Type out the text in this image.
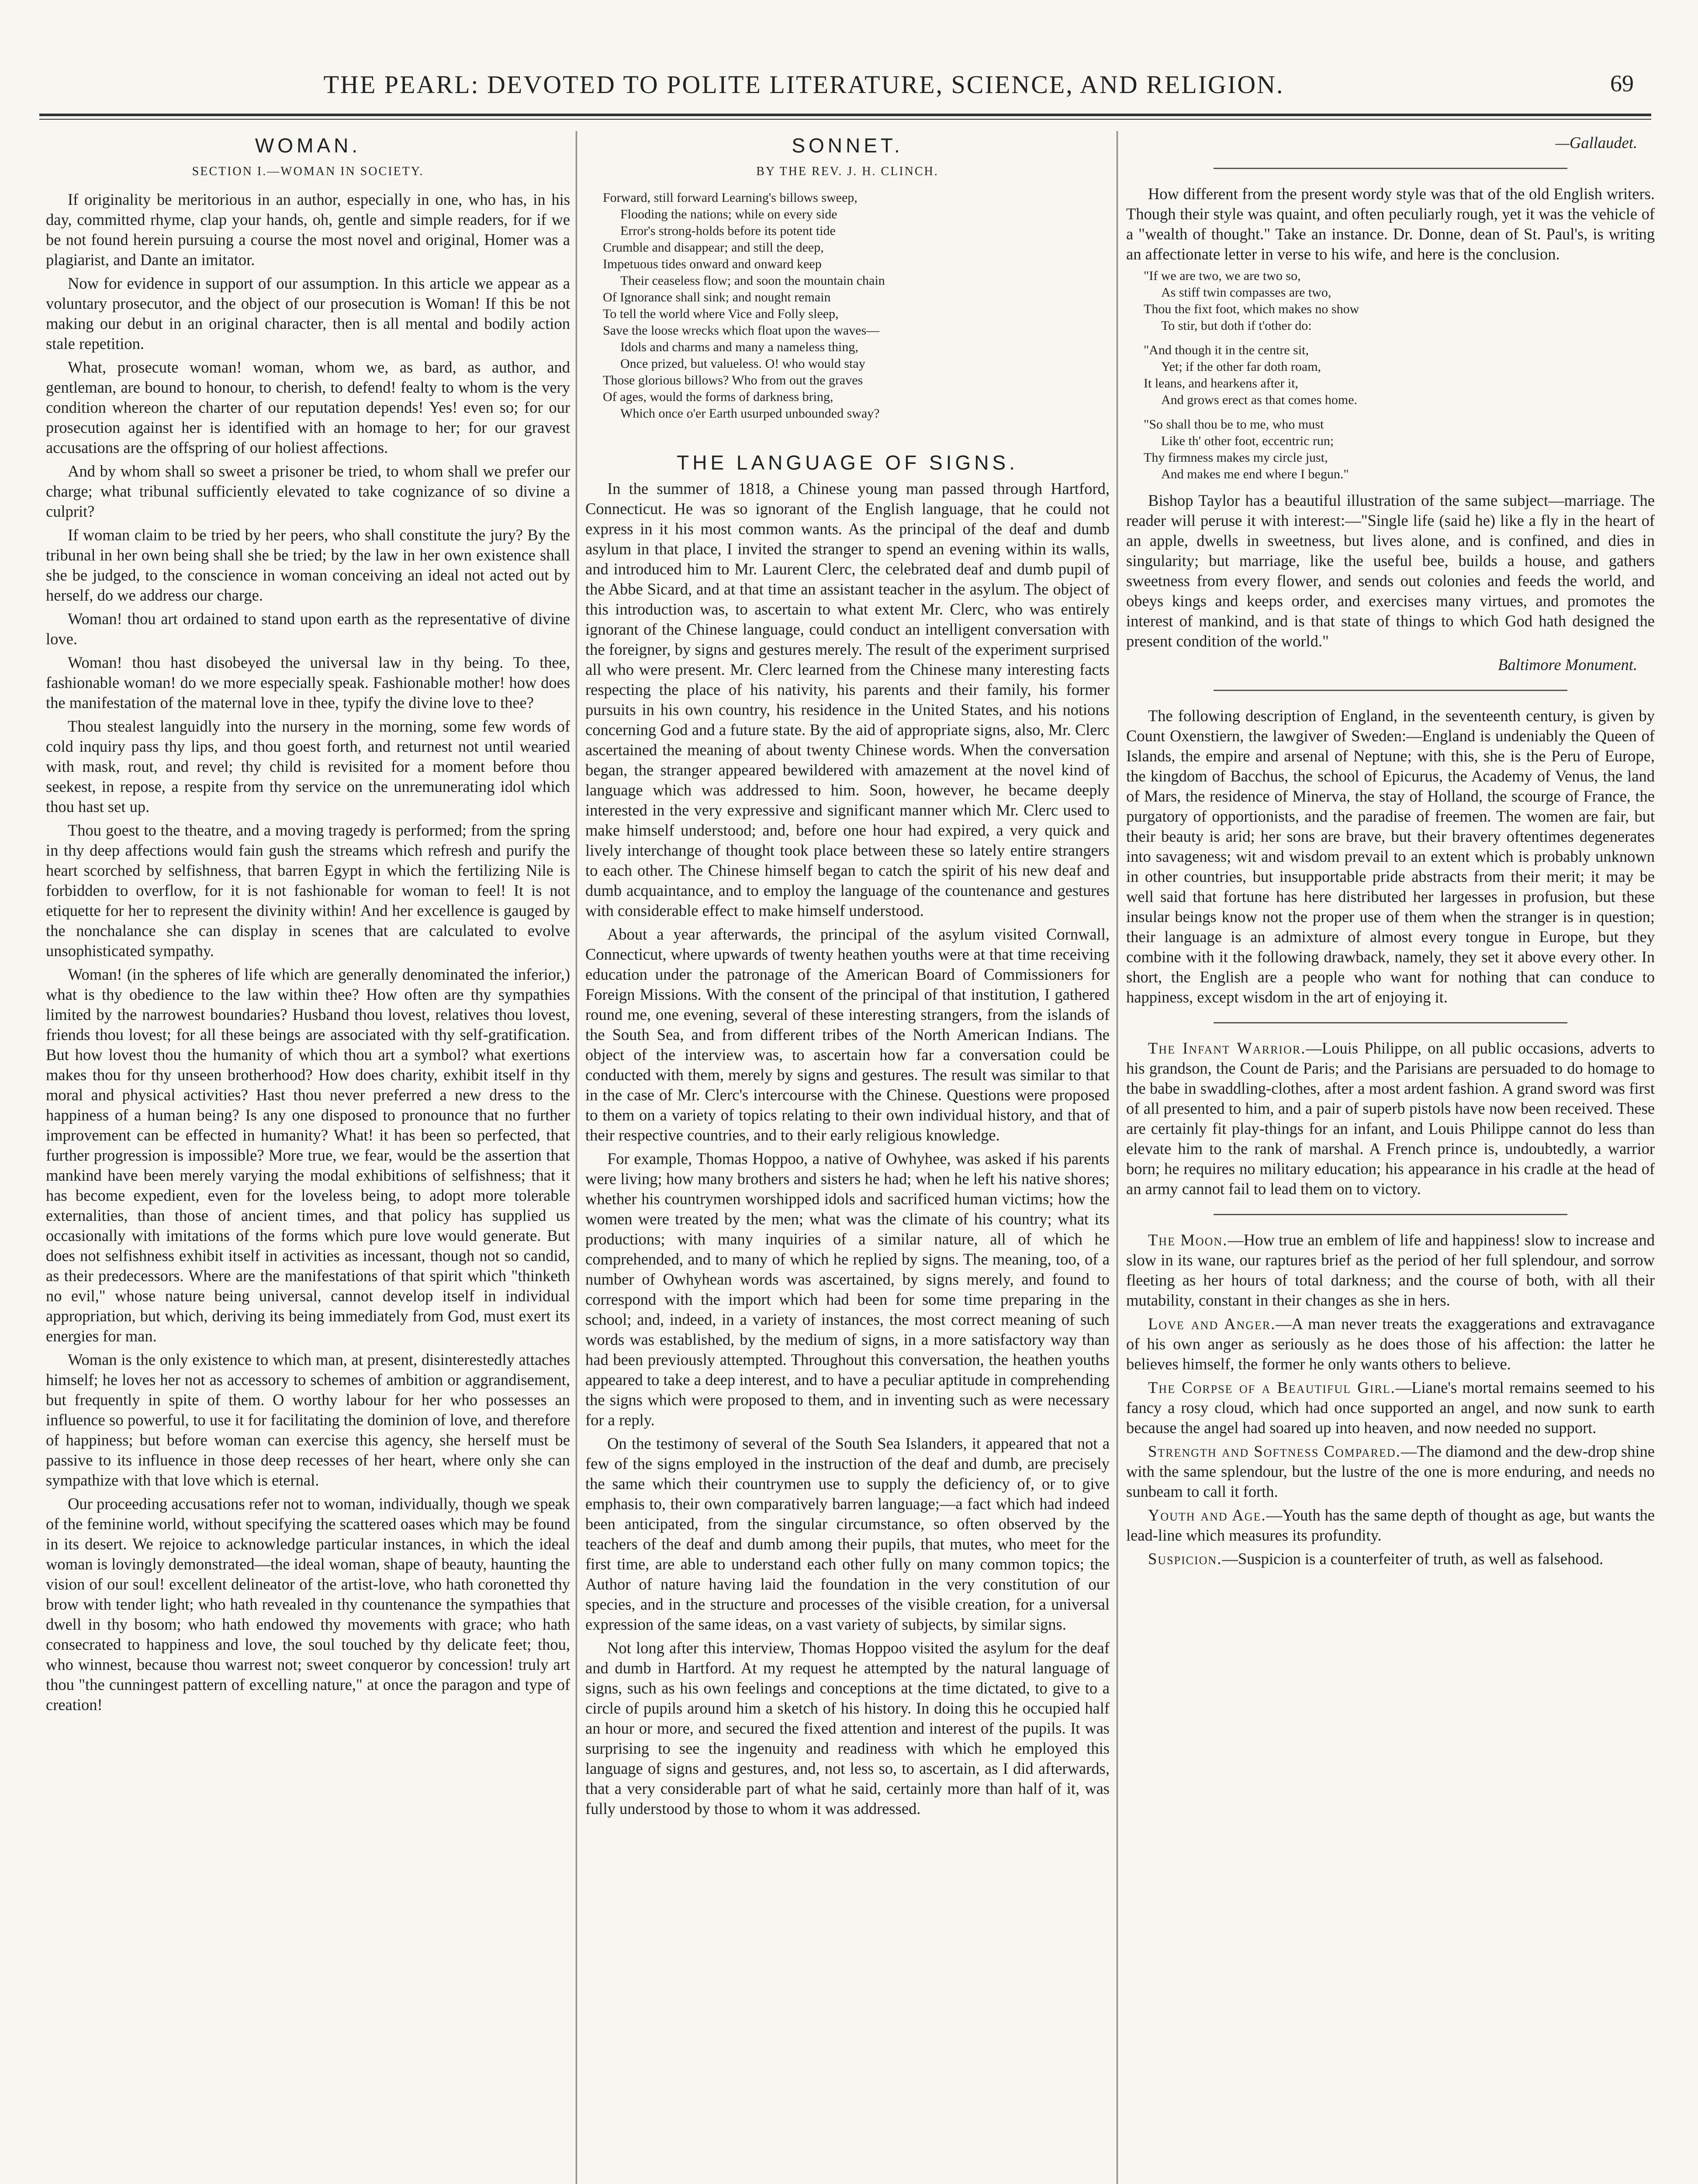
THE PEARL: DEVOTED TO POLITE LITERATURE, SCIENCE, AND RELIGION.	69
WOMAN.
SECTION I.—WOMAN IN SOCIETY.

If originality be meritorious in an author, especially in one, who has, in his day, committed rhyme, clap your hands, oh, gentle and simple readers, for if we be not found herein pursuing a course the most novel and original, Homer was a plagiarist, and Dante an imitator.

Now for evidence in support of our assumption. In this article we appear as a voluntary prosecutor, and the object of our prosecution is Woman! If this be not making our debut in an original character, then is all mental and bodily action stale repetition.

What, prosecute woman! woman, whom we, as bard, as author, and gentleman, are bound to honour, to cherish, to defend! fealty to whom is the very condition whereon the charter of our reputation depends! Yes! even so; for our prosecution against her is identified with an homage to her; for our gravest accusations are the offspring of our holiest affections.

And by whom shall so sweet a prisoner be tried, to whom shall we prefer our charge; what tribunal sufficiently elevated to take cognizance of so divine a culprit?

If woman claim to be tried by her peers, who shall constitute the jury? By the tribunal in her own being shall she be tried; by the law in her own existence shall she be judged, to the conscience in woman conceiving an ideal not acted out by herself, do we address our charge.

Woman! thou art ordained to stand upon earth as the representative of divine love.

Woman! thou hast disobeyed the universal law in thy being. To thee, fashionable woman! do we more especially speak. Fashionable mother! how does the manifestation of the maternal love in thee, typify the divine love to thee?

Thou stealest languidly into the nursery in the morning, some few words of cold inquiry pass thy lips, and thou goest forth, and returnest not until wearied with mask, rout, and revel; thy child is revisited for a moment before thou seekest, in repose, a respite from thy service on the unremunerating idol which thou hast set up.

Thou goest to the theatre, and a moving tragedy is performed; from the spring in thy deep affections would fain gush the streams which refresh and purify the heart scorched by selfishness, that barren Egypt in which the fertilizing Nile is forbidden to overflow, for it is not fashionable for woman to feel! It is not etiquette for her to represent the divinity within! And her excellence is gauged by the nonchalance she can display in scenes that are calculated to evolve unsophisticated sympathy.

Woman! (in the spheres of life which are generally denominated the inferior,) what is thy obedience to the law within thee? How often are thy sympathies limited by the narrowest boundaries? Husband thou lovest, relatives thou lovest, friends thou lovest; for all these beings are associated with thy self-gratification. But how lovest thou the humanity of which thou art a symbol? what exertions makes thou for thy unseen brotherhood? How does charity, exhibit itself in thy moral and physical activities? Hast thou never preferred a new dress to the happiness of a human being? Is any one disposed to pronounce that no further improvement can be effected in humanity? What! it has been so perfected, that further progression is impossible? More true, we fear, would be the assertion that mankind have been merely varying the modal exhibitions of selfishness; that it has become expedient, even for the loveless being, to adopt more tolerable externalities, than those of ancient times, and that policy has supplied us occasionally with imitations of the forms which pure love would generate. But does not selfishness exhibit itself in activities as incessant, though not so candid, as their predecessors. Where are the manifestations of that spirit which "thinketh no evil," whose nature being universal, cannot develop itself in individual appropriation, but which, deriving its being immediately from God, must exert its energies for man.

Woman is the only existence to which man, at present, disinterestedly attaches himself; he loves her not as accessory to schemes of ambition or aggrandisement, but frequently in spite of them. O worthy labour for her who possesses an influence so powerful, to use it for facilitating the dominion of love, and therefore of happiness; but before woman can exercise this agency, she herself must be passive to its influence in those deep recesses of her heart, where only she can sympathize with that love which is eternal.

Our proceeding accusations refer not to woman, individually, though we speak of the feminine world, without specifying the scattered oases which may be found in its desert. We rejoice to acknowledge particular instances, in which the ideal woman is lovingly demonstrated—the ideal woman, shape of beauty, haunting the vision of our soul! excellent delineator of the artist-love, who hath coronetted thy brow with tender light; who hath revealed in thy countenance the sympathies that dwell in thy bosom; who hath endowed thy movements with grace; who hath consecrated to happiness and love, the soul touched by thy delicate feet; thou, who winnest, because thou warrest not; sweet conqueror by concession! truly art thou "the cunningest pattern of excelling nature," at once the paragon and type of creation!

SONNET.
BY THE REV. J. H. CLINCH.
Forward, still forward Learning's billows sweep,
Flooding the nations; while on every side
Error's strong-holds before its potent tide
Crumble and disappear; and still the deep,
Impetuous tides onward and onward keep
Their ceaseless flow; and soon the mountain chain
Of Ignorance shall sink; and nought remain
To tell the world where Vice and Folly sleep,
Save the loose wrecks which float upon the waves—
Idols and charms and many a nameless thing,
Once prized, but valueless. O! who would stay
Those glorious billows? Who from out the graves
Of ages, would the forms of darkness bring,
Which once o'er Earth usurped unbounded sway?
THE LANGUAGE OF SIGNS.

In the summer of 1818, a Chinese young man passed through Hartford, Connecticut. He was so ignorant of the English language, that he could not express in it his most common wants. As the principal of the deaf and dumb asylum in that place, I invited the stranger to spend an evening within its walls, and introduced him to Mr. Laurent Clerc, the celebrated deaf and dumb pupil of the Abbe Sicard, and at that time an assistant teacher in the asylum. The object of this introduction was, to ascertain to what extent Mr. Clerc, who was entirely ignorant of the Chinese language, could conduct an intelligent conversation with the foreigner, by signs and gestures merely. The result of the experiment surprised all who were present. Mr. Clerc learned from the Chinese many interesting facts respecting the place of his nativity, his parents and their family, his former pursuits in his own country, his residence in the United States, and his notions concerning God and a future state. By the aid of appropriate signs, also, Mr. Clerc ascertained the meaning of about twenty Chinese words. When the conversation began, the stranger appeared bewildered with amazement at the novel kind of language which was addressed to him. Soon, however, he became deeply interested in the very expressive and significant manner which Mr. Clerc used to make himself understood; and, before one hour had expired, a very quick and lively interchange of thought took place between these so lately entire strangers to each other. The Chinese himself began to catch the spirit of his new deaf and dumb acquaintance, and to employ the language of the countenance and gestures with considerable effect to make himself understood.

About a year afterwards, the principal of the asylum visited Cornwall, Connecticut, where upwards of twenty heathen youths were at that time receiving education under the patronage of the American Board of Commissioners for Foreign Missions. With the consent of the principal of that institution, I gathered round me, one evening, several of these interesting strangers, from the islands of the South Sea, and from different tribes of the North American Indians. The object of the interview was, to ascertain how far a conversation could be conducted with them, merely by signs and gestures. The result was similar to that in the case of Mr. Clerc's intercourse with the Chinese. Questions were proposed to them on a variety of topics relating to their own individual history, and that of their respective countries, and to their early religious knowledge.

For example, Thomas Hoppoo, a native of Owhyhee, was asked if his parents were living; how many brothers and sisters he had; when he left his native shores; whether his countrymen worshipped idols and sacrificed human victims; how the women were treated by the men; what was the climate of his country; what its productions; with many inquiries of a similar nature, all of which he comprehended, and to many of which he replied by signs. The meaning, too, of a number of Owhyhean words was ascertained, by signs merely, and found to correspond with the import which had been for some time preparing in the school; and, indeed, in a variety of instances, the most correct meaning of such words was established, by the medium of signs, in a more satisfactory way than had been previously attempted. Throughout this conversation, the heathen youths appeared to take a deep interest, and to have a peculiar aptitude in comprehending the signs which were proposed to them, and in inventing such as were necessary for a reply.

On the testimony of several of the South Sea Islanders, it appeared that not a few of the signs employed in the instruction of the deaf and dumb, are precisely the same which their countrymen use to supply the deficiency of, or to give emphasis to, their own comparatively barren language;—a fact which had indeed been anticipated, from the singular circumstance, so often observed by the teachers of the deaf and dumb among their pupils, that mutes, who meet for the first time, are able to understand each other fully on many common topics; the Author of nature having laid the foundation in the very constitution of our species, and in the structure and processes of the visible creation, for a universal expression of the same ideas, on a vast variety of subjects, by similar signs.

Not long after this interview, Thomas Hoppoo visited the asylum for the deaf and dumb in Hartford. At my request he attempted by the natural language of signs, such as his own feelings and conceptions at the time dictated, to give to a circle of pupils around him a sketch of his history. In doing this he occupied half an hour or more, and secured the fixed attention and interest of the pupils. It was surprising to see the ingenuity and readiness with which he employed this language of signs and gestures, and, not less so, to ascertain, as I did afterwards, that a very considerable part of what he said, certainly more than half of it, was fully understood by those to whom it was addressed.

—Gallaudet.

How different from the present wordy style was that of the old English writers. Though their style was quaint, and often peculiarly rough, yet it was the vehicle of a "wealth of thought." Take an instance. Dr. Donne, dean of St. Paul's, is writing an affectionate letter in verse to his wife, and here is the conclusion.

"If we are two, we are two so,
As stiff twin compasses are two,
Thou the fixt foot, which makes no show
To stir, but doth if t'other do:
"And though it in the centre sit,
Yet; if the other far doth roam,
It leans, and hearkens after it,
And grows erect as that comes home.
"So shall thou be to me, who must
Like th' other foot, eccentric run;
Thy firmness makes my circle just,
And makes me end where I begun."

Bishop Taylor has a beautiful illustration of the same subject—marriage. The reader will peruse it with interest:—"Single life (said he) like a fly in the heart of an apple, dwells in sweetness, but lives alone, and is confined, and dies in singularity; but marriage, like the useful bee, builds a house, and gathers sweetness from every flower, and sends out colonies and feeds the world, and obeys kings and keeps order, and exercises many virtues, and promotes the interest of mankind, and is that state of things to which God hath designed the present condition of the world."

Baltimore Monument.

The following description of England, in the seventeenth century, is given by Count Oxenstiern, the lawgiver of Sweden:—England is undeniably the Queen of Islands, the empire and arsenal of Neptune; with this, she is the Peru of Europe, the kingdom of Bacchus, the school of Epicurus, the Academy of Venus, the land of Mars, the residence of Minerva, the stay of Holland, the scourge of France, the purgatory of opportionists, and the paradise of freemen. The women are fair, but their beauty is arid; her sons are brave, but their bravery oftentimes degenerates into savageness; wit and wisdom prevail to an extent which is probably unknown in other countries, but insupportable pride abstracts from their merit; it may be well said that fortune has here distributed her largesses in profusion, but these insular beings know not the proper use of them when the stranger is in question; their language is an admixture of almost every tongue in Europe, but they combine with it the following drawback, namely, they set it above every other. In short, the English are a people who want for nothing that can conduce to happiness, except wisdom in the art of enjoying it.

The Infant Warrior.—Louis Philippe, on all public occasions, adverts to his grandson, the Count de Paris; and the Parisians are persuaded to do homage to the babe in swaddling-clothes, after a most ardent fashion. A grand sword was first of all presented to him, and a pair of superb pistols have now been received. These are certainly fit play-things for an infant, and Louis Philippe cannot do less than elevate him to the rank of marshal. A French prince is, undoubtedly, a warrior born; he requires no military education; his appearance in his cradle at the head of an army cannot fail to lead them on to victory.

The Moon.—How true an emblem of life and happiness! slow to increase and slow in its wane, our raptures brief as the period of her full splendour, and sorrow fleeting as her hours of total darkness; and the course of both, with all their mutability, constant in their changes as she in hers.

Love and Anger.—A man never treats the exaggerations and extravagance of his own anger as seriously as he does those of his affection: the latter he believes himself, the former he only wants others to believe.

The Corpse of a Beautiful Girl.—Liane's mortal remains seemed to his fancy a rosy cloud, which had once supported an angel, and now sunk to earth because the angel had soared up into heaven, and now needed no support.

Strength and Softness Compared.—The diamond and the dew-drop shine with the same splendour, but the lustre of the one is more enduring, and needs no sunbeam to call it forth.

Youth and Age.—Youth has the same depth of thought as age, but wants the lead-line which measures its profundity.

Suspicion.—Suspicion is a counterfeiter of truth, as well as falsehood.
